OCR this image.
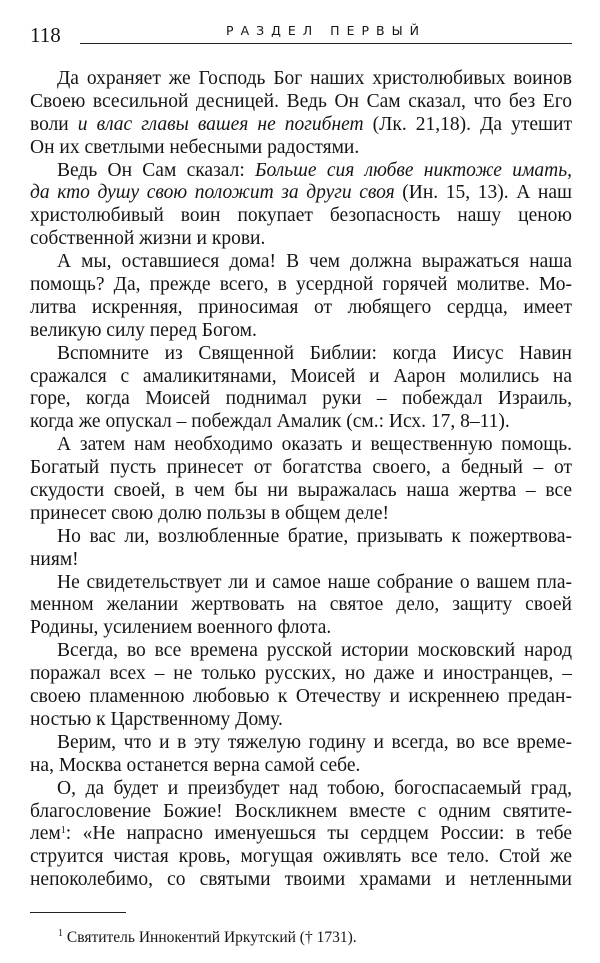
118	РАЗДЕЛ ПЕРВЫЙ
Да охраняет же Господь Бог наших христолюбивых воинов
Своею всесильной десницей. Ведь Он Сам сказал, что без Его
воли и влас главы вашея не погибнет (Лк. 21,18). Да утешит
Он их светлыми небесными радостями.
Ведь Он Сам сказал: Больше сия любве никтоже имать,
да кто душу свою положит за други своя (Ин. 15, 13). А наш
христолюбивый воин покупает безопасность нашу ценою
собственной жизни и крови.
А мы, оставшиеся дома! В чем должна выражаться наша
помощь? Да, прежде всего, в усердной горячей молитве. Мо-
литва искренняя, приносимая от любящего сердца, имеет
великую силу перед Богом.
Вспомните из Священной Библии: когда Иисус Навин
сражался с амаликитянами, Моисей и Аарон молились на
горе, когда Моисей поднимал руки – побеждал Израиль,
когда же опускал – побеждал Амалик (см.: Исх. 17, 8–11).
А затем нам необходимо оказать и вещественную помощь.
Богатый пусть принесет от богатства своего, а бедный – от
скудости своей, в чем бы ни выражалась наша жертва – все
принесет свою долю пользы в общем деле!
Но вас ли, возлюбленные братие, призывать к пожертвова-
ниям!
Не свидетельствует ли и самое наше собрание о вашем пла-
менном желании жертвовать на святое дело, защиту своей
Родины, усилением военного флота.
Всегда, во все времена русской истории московский народ
поражал всех – не только русских, но даже и иностранцев, –
своею пламенною любовью к Отечеству и искреннею предан-
ностью к Царственному Дому.
Верим, что и в эту тяжелую годину и всегда, во все време-
на, Москва останется верна самой себе.
О, да будет и преизбудет над тобою, богоспасаемый град,
благословение Божие! Воскликнем вместе с одним святите-
лем$^1$: «Не напрасно именуешься ты сердцем России: в тебе
струится чистая кровь, могущая оживлять все тело. Стой же
непоколебимо, со святыми твоими храмами и нетленными
$^1$ Святитель Иннокентий Иркутский († 1731).
